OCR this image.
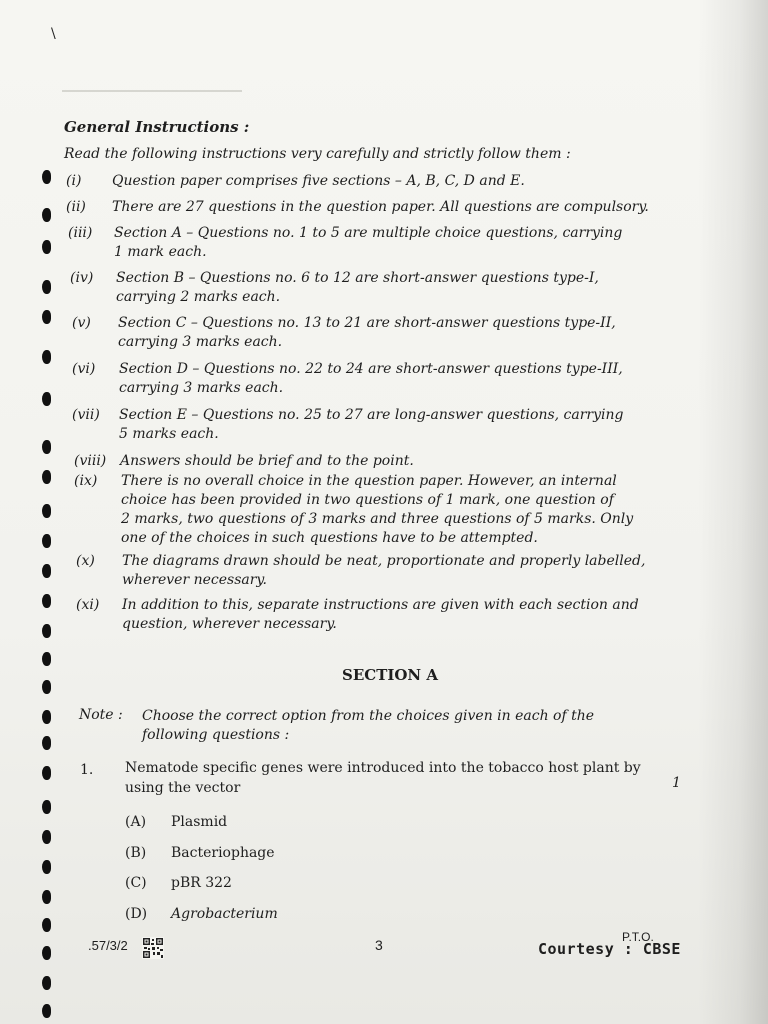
\
General Instructions :
Read the following instructions very carefully and strictly follow them :
(i) Question paper comprises five sections – A, B, C, D and E.
(ii) There are 27 questions in the question paper. All questions are compulsory.
(iii) Section A – Questions no. 1 to 5 are multiple choice questions, carrying
1 mark each.
(iv) Section B – Questions no. 6 to 12 are short-answer questions type-I,
carrying 2 marks each.
(v) Section C – Questions no. 13 to 21 are short-answer questions type-II,
carrying 3 marks each.
(vi) Section D – Questions no. 22 to 24 are short-answer questions type-III,
carrying 3 marks each.
(vii) Section E – Questions no. 25 to 27 are long-answer questions, carrying
5 marks each.
(viii) Answers should be brief and to the point.
(ix) There is no overall choice in the question paper. However, an internal
choice has been provided in two questions of 1 mark, one question of
2 marks, two questions of 3 marks and three questions of 5 marks. Only
one of the choices in such questions have to be attempted.
(x) The diagrams drawn should be neat, proportionate and properly labelled,
wherever necessary.
(xi) In addition to this, separate instructions are given with each section and
question, wherever necessary.
SECTION A
Note : Choose the correct option from the choices given in each of the following questions :
1. Nematode specific genes were introduced into the tobacco host plant by using the vector	1
(A) Plasmid
(B) Bacteriophage
(C) pBR 322
(D) Agrobacterium
.57/3/2	3	P.T.O.
Courtesy : CBSE
